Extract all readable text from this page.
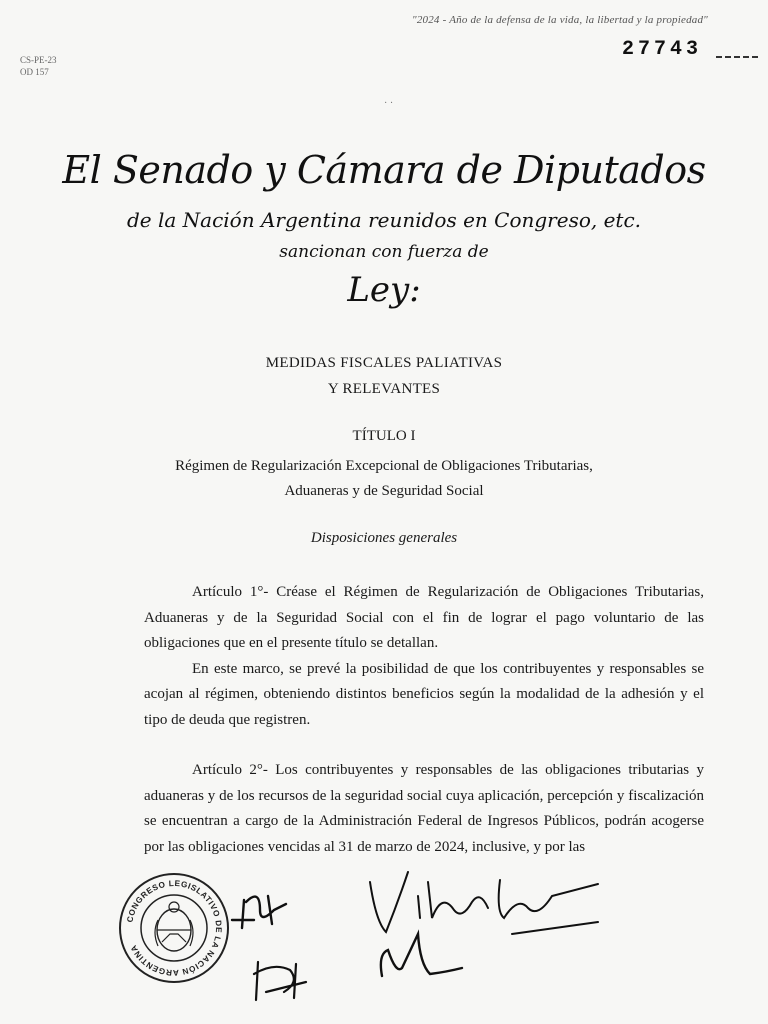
"2024 - Año de la defensa de la vida, la libertad y la propiedad"
27743
CS-PE-23
OD 157
· ·
El Senado y Cámara de Diputados
de la Nación Argentina reunidos en Congreso, etc.
sancionan con fuerza de
Ley:
MEDIDAS FISCALES PALIATIVAS
Y RELEVANTES
TÍTULO I
Régimen de Regularización Excepcional de Obligaciones Tributarias,
Aduaneras y de Seguridad Social
Disposiciones generales

Artículo 1°- Créase el Régimen de Regularización de Obligaciones Tributarias, Aduaneras y de la Seguridad Social con el fin de lograr el pago voluntario de las obligaciones que en el presente título se detallan.

En este marco, se prevé la posibilidad de que los contribuyentes y responsables se acojan al régimen, obteniendo distintos beneficios según la modalidad de la adhesión y el tipo de deuda que registren.

Artículo 2°- Los contribuyentes y responsables de las obligaciones tributarias y aduaneras y de los recursos de la seguridad social cuya aplicación, percepción y fiscalización se encuentran a cargo de la Administración Federal de Ingresos Públicos, podrán acogerse por las obligaciones vencidas al 31 de marzo de 2024, inclusive, y por las

CONGRESO LEGISLATIVO DE LA NACIÓN ARGENTINA
